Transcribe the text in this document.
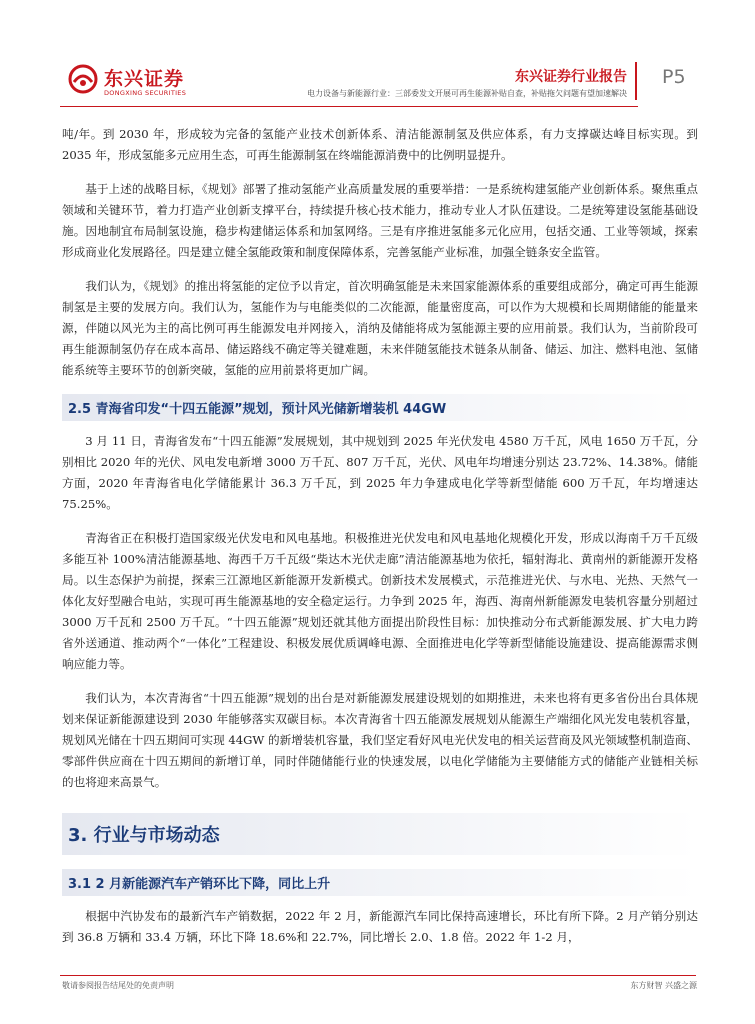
东兴证券
DONGXING SECURITIES
东兴证券行业报告
电力设备与新能源行业：三部委发文开展可再生能源补贴自查，补贴拖欠问题有望加速解决
P5

吨/年。到 2030 年，形成较为完备的氢能产业技术创新体系、清洁能源制氢及供应体系，有力支撑碳达峰目标实现。到 2035 年，形成氢能多元应用生态，可再生能源制氢在终端能源消费中的比例明显提升。

基于上述的战略目标，《规划》部署了推动氢能产业高质量发展的重要举措：一是系统构建氢能产业创新体系。聚焦重点领域和关键环节，着力打造产业创新支撑平台，持续提升核心技术能力，推动专业人才队伍建设。二是统筹建设氢能基础设施。因地制宜布局制氢设施，稳步构建储运体系和加氢网络。三是有序推进氢能多元化应用，包括交通、工业等领域，探索形成商业化发展路径。四是建立健全氢能政策和制度保障体系，完善氢能产业标准，加强全链条安全监管。

我们认为，《规划》的推出将氢能的定位予以肯定，首次明确氢能是未来国家能源体系的重要组成部分，确定可再生能源制氢是主要的发展方向。我们认为，氢能作为与电能类似的二次能源，能量密度高，可以作为大规模和长周期储能的能量来源，伴随以风光为主的高比例可再生能源发电并网接入，消纳及储能将成为氢能源主要的应用前景。我们认为，当前阶段可再生能源制氢仍存在成本高昂、储运路线不确定等关键难题，未来伴随氢能技术链条从制备、储运、加注、燃料电池、氢储能系统等主要环节的创新突破，氢能的应用前景将更加广阔。

2.5 青海省印发“十四五能源”规划，预计风光储新增装机 44GW

3 月 11 日，青海省发布“十四五能源”发展规划，其中规划到 2025 年光伏发电 4580 万千瓦，风电 1650 万千瓦，分别相比 2020 年的光伏、风电发电新增 3000 万千瓦、807 万千瓦，光伏、风电年均增速分别达 23.72%、14.38%。储能方面，2020 年青海省电化学储能累计 36.3 万千瓦，到 2025 年力争建成电化学等新型储能 600 万千瓦，年均增速达 75.25%。

青海省正在积极打造国家级光伏发电和风电基地。积极推进光伏发电和风电基地化规模化开发，形成以海南千万千瓦级多能互补 100%清洁能源基地、海西千万千瓦级“柴达木光伏走廊”清洁能源基地为依托，辐射海北、黄南州的新能源开发格局。以生态保护为前提，探索三江源地区新能源开发新模式。创新技术发展模式，示范推进光伏、与水电、光热、天然气一体化友好型融合电站，实现可再生能源基地的安全稳定运行。力争到 2025 年，海西、海南州新能源发电装机容量分别超过 3000 万千瓦和 2500 万千瓦。“十四五能源”规划还就其他方面提出阶段性目标：加快推动分布式新能源发展、扩大电力跨省外送通道、推动两个“一体化”工程建设、积极发展优质调峰电源、全面推进电化学等新型储能设施建设、提高能源需求侧响应能力等。

我们认为，本次青海省“十四五能源”规划的出台是对新能源发展建设规划的如期推进，未来也将有更多省份出台具体规划来保证新能源建设到 2030 年能够落实双碳目标。本次青海省十四五能源发展规划从能源生产端细化风光发电装机容量，规划风光储在十四五期间可实现 44GW 的新增装机容量，我们坚定看好风电光伏发电的相关运营商及风光领域整机制造商、零部件供应商在十四五期间的新增订单，同时伴随储能行业的快速发展，以电化学储能为主要储能方式的储能产业链相关标的也将迎来高景气。

3. 行业与市场动态
3.1 2 月新能源汽车产销环比下降，同比上升

根据中汽协发布的最新汽车产销数据，2022 年 2 月，新能源汽车同比保持高速增长，环比有所下降。2 月产销分别达到 36.8 万辆和 33.4 万辆，环比下降 18.6%和 22.7%，同比增长 2.0、1.8 倍。2022 年 1-2 月，

敬请参阅报告结尾处的免责声明	东方财智 兴盛之源
